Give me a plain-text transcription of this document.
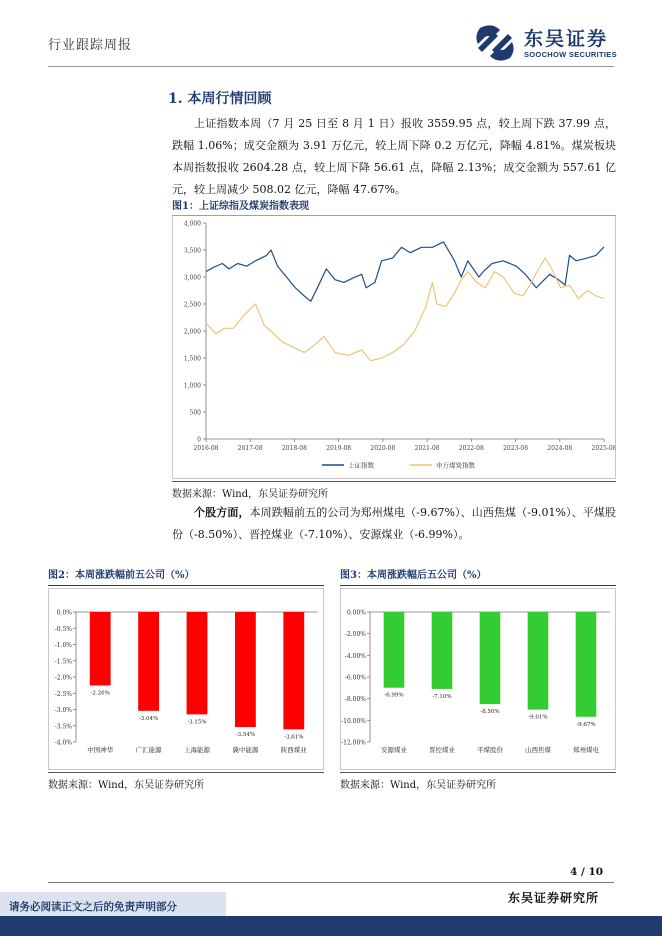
行业跟踪周报	东吴证券
SOOCHOW SECURITIES
1. 本周行情回顾
上证指数本周（7 月 25 日至 8 月 1 日）报收 3559.95 点，较上周下跌 37.99 点，跌幅 1.06%；成交金额为 3.91 万亿元，较上周下降 0.2 万亿元，降幅 4.81%。煤炭板块本周指数报收 2604.28 点，较上周下降 56.61 点，降幅 2.13%；成交金额为 557.61 亿元，较上周减少 508.02 亿元，降幅 47.67%。
图1：上证综指及煤炭指数表现
0
500
1,000
1,500
2,000
2,500
3,000
3,500
4,000
2016-08	2017-08	2018-08	2019-08	2020-08	2021-08	2022-08	2023-08	2024-08	2025-08
上证指数	申万煤炭指数
数据来源：Wind，东吴证券研究所
个股方面，本周跌幅前五的公司为郑州煤电（-9.67%）、山西焦煤（-9.01%）、平煤股份（-8.50%）、晋控煤业（-7.10%）、安源煤业（-6.99%）。
图2：本周涨跌幅前五公司（%）	图3：本周涨跌幅后五公司（%）
0.0%
-0.5%
-1.0%
-1.5%
-2.0%
-2.5%
-3.0%
-3.5%
-4.0%
-2.26%
中国神华
-3.04%
广汇能源
-3.15%
上海能源
-3.54%
冀中能源
-3.61%
陕西煤业
0.00%
-2.00%
-4.00%
-6.00%
-8.00%
-10.00%
-12.00%
-6.99%
安源煤业
-7.10%
晋控煤业
-8.50%
平煤股份
-9.01%
山西焦煤
-9.67%
郑州煤电
数据来源：Wind，东吴证券研究所	数据来源：Wind，东吴证券研究所
4 / 10
请务必阅读正文之后的免责声明部分
东吴证券研究所
